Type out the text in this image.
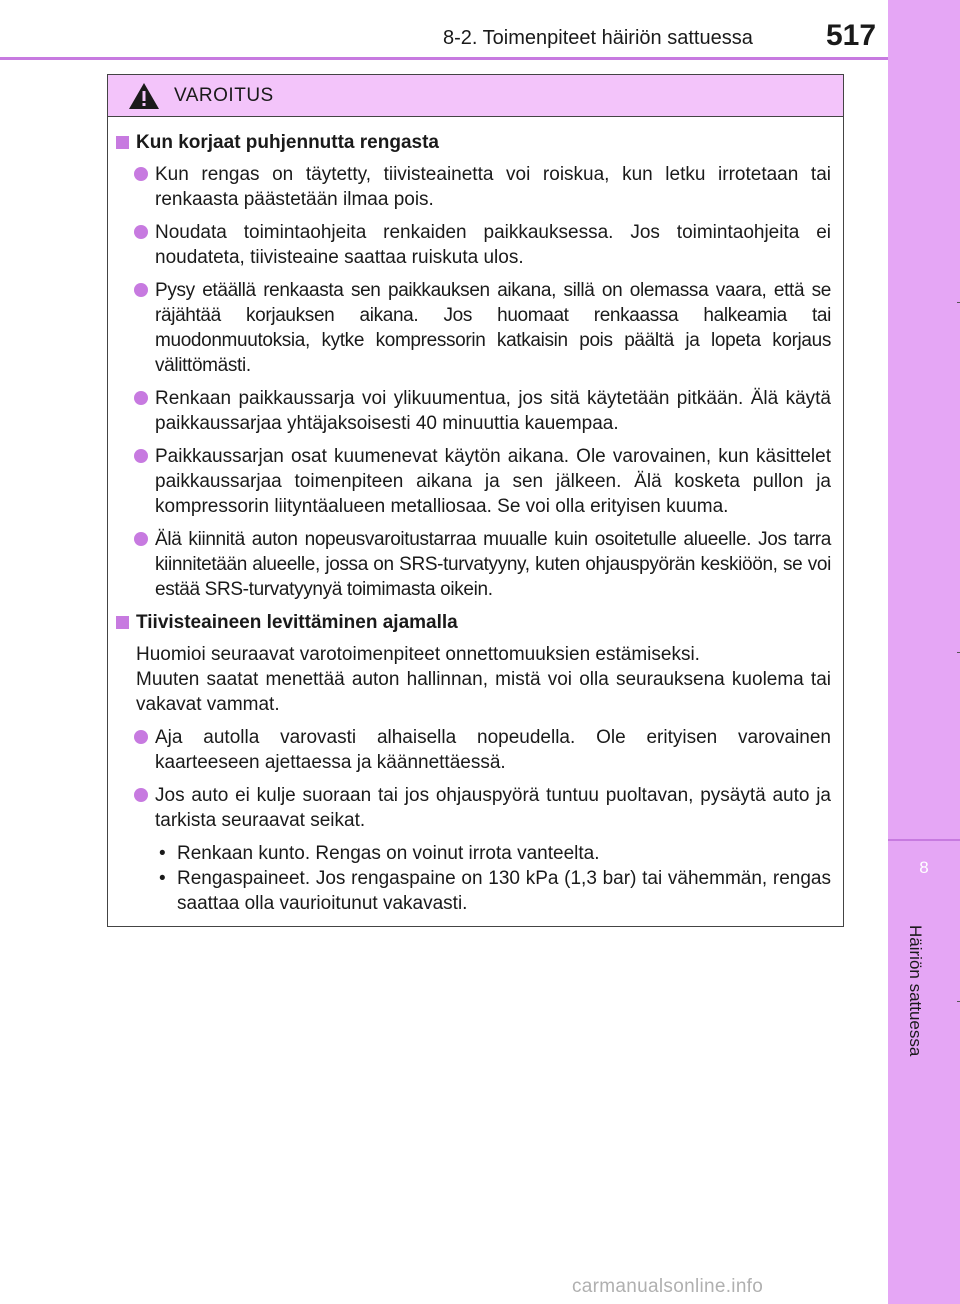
8-2. Toimenpiteet häiriön sattuessa 517
8
Häiriön sattuessa
VAROITUS
Kun korjaat puhjennutta rengasta
Kun rengas on täytetty, tiivisteainetta voi roiskua, kun letku irrotetaan tai renkaasta päästetään ilmaa pois.
Noudata toimintaohjeita renkaiden paikkauksessa. Jos toimintaohjeita ei noudateta, tiivisteaine saattaa ruiskuta ulos.
Pysy etäällä renkaasta sen paikkauksen aikana, sillä on olemassa vaara, että se räjähtää korjauksen aikana. Jos huomaat renkaassa halkeamia tai muodonmuutoksia, kytke kompressorin katkaisin pois päältä ja lopeta korjaus välittömästi.
Renkaan paikkaussarja voi ylikuumentua, jos sitä käytetään pitkään. Älä käytä paikkaussarjaa yhtäjaksoisesti 40 minuuttia kauempaa.
Paikkaussarjan osat kuumenevat käytön aikana. Ole varovainen, kun käsittelet paikkaussarjaa toimenpiteen aikana ja sen jälkeen. Älä kosketa pullon ja kompressorin liityntäalueen metalliosaa. Se voi olla erityisen kuuma.
Älä kiinnitä auton nopeusvaroitustarraa muualle kuin osoitetulle alueelle. Jos tarra kiinnitetään alueelle, jossa on SRS-turvatyyny, kuten ohjauspyörän keskiöön, se voi estää SRS-turvatyynyä toimimasta oikein.
Tiivisteaineen levittäminen ajamalla
Huomioi seuraavat varotoimenpiteet onnettomuuksien estämiseksi.
Muuten saatat menettää auton hallinnan, mistä voi olla seurauksena kuolema tai vakavat vammat.
Aja autolla varovasti alhaisella nopeudella. Ole erityisen varovainen kaarteeseen ajettaessa ja käännettäessä.
Jos auto ei kulje suoraan tai jos ohjauspyörä tuntuu puoltavan, pysäytä auto ja tarkista seuraavat seikat.
• Renkaan kunto. Rengas on voinut irrota vanteelta.
• Rengaspaineet. Jos rengaspaine on 130 kPa (1,3 bar) tai vähemmän, rengas saattaa olla vaurioitunut vakavasti.
carmanualsonline.info
